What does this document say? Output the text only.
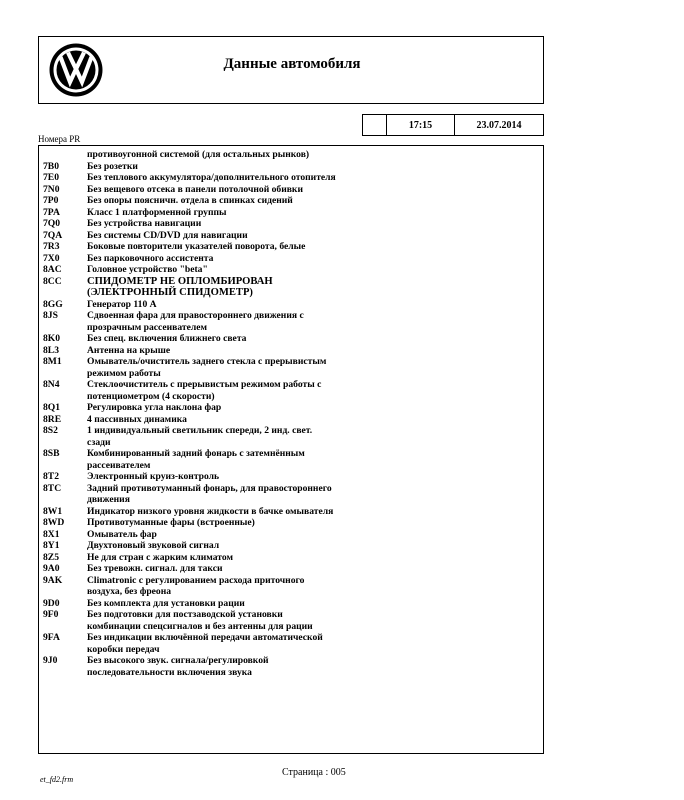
Данные автомобиля
17:15	23.07.2014
Номера PR
противоугонной системой (для остальных рынков)
7B0	Без розетки
7E0	Без теплового аккумулятора/дополнительного отопителя
7N0	Без вещевого отсека в панели потолочной обивки
7P0	Без опоры поясничн. отдела в спинках сидений
7PA	Класс 1 платформенной группы
7Q0	Без устройства навигации
7QA	Без системы CD/DVD для навигации
7R3	Боковые повторители указателей поворота, белые
7X0	Без парковочного ассистента
8AC	Головное устройство "beta"
8CC	СПИДОМЕТР НЕ ОПЛОМБИРОВАН (ЭЛЕКТРОННЫЙ СПИДОМЕТР)
8GG	Генератор 110 A
8JS	Сдвоенная фара для правостороннего движения с прозрачным рассеивателем
8K0	Без спец. включения ближнего света
8L3	Антенна на крыше
8M1	Омыватель/очиститель заднего стекла с прерывистым режимом работы
8N4	Стеклоочиститель с прерывистым режимом работы с потенциометром (4 скорости)
8Q1	Регулировка угла наклона фар
8RE	4 пассивных динамика
8S2	1 индивидуальный светильник спереди, 2 инд. свет. сзади
8SB	Комбинированный задний фонарь с затемнённым рассеивателем
8T2	Электронный круиз-контроль
8TC	Задний противотуманный фонарь, для правостороннего движения
8W1	Индикатор низкого уровня жидкости в бачке омывателя
8WD	Противотуманные фары (встроенные)
8X1	Омыватель фар
8Y1	Двухтоновый звуковой сигнал
8Z5	Не для стран с жарким климатом
9A0	Без тревожн. сигнал. для такси
9AK	Climatronic с регулированием расхода приточного воздуха, без фреона
9D0	Без комплекта для установки рации
9F0	Без подготовки для постзаводской установки комбинации спецсигналов и без антенны для рации
9FA	Без индикации включённой передачи автоматической коробки передач
9J0	Без высокого звук. сигнала/регулировкой последовательности включения звука
Страница : 005
et_fd2.frm
